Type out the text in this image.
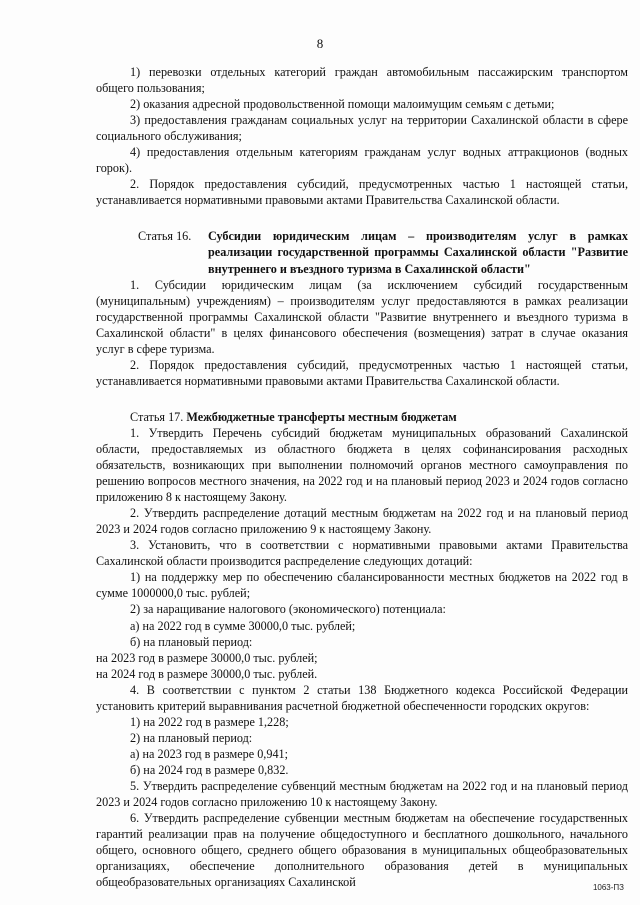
8

1) перевозки отдельных категорий граждан автомобильным пассажирским транспортом общего пользования;

2) оказания адресной продовольственной помощи малоимущим семьям с детьми;

3) предоставления гражданам социальных услуг на территории Сахалинской области в сфере социального обслуживания;

4) предоставления отдельным категориям гражданам услуг водных аттракционов (водных горок).

2. Порядок предоставления субсидий, предусмотренных частью 1 настоящей статьи, устанавливается нормативными правовыми актами Правительства Сахалинской области.

Статья 16. Субсидии юридическим лицам – производителям услуг в рамках реализации государственной программы Сахалинской области "Развитие внутреннего и въездного туризма в Сахалинской области"

1. Субсидии юридическим лицам (за исключением субсидий государственным (муниципальным) учреждениям) – производителям услуг предоставляются в рамках реализации государственной программы Сахалинской области "Развитие внутреннего и въездного туризма в Сахалинской области" в целях финансового обеспечения (возмещения) затрат в случае оказания услуг в сфере туризма.

2. Порядок предоставления субсидий, предусмотренных частью 1 настоящей статьи, устанавливается нормативными правовыми актами Правительства Сахалинской области.

Статья 17. Межбюджетные трансферты местным бюджетам

1. Утвердить Перечень субсидий бюджетам муниципальных образований Сахалинской области, предоставляемых из областного бюджета в целях софинансирования расходных обязательств, возникающих при выполнении полномочий органов местного самоуправления по решению вопросов местного значения, на 2022 год и на плановый период 2023 и 2024 годов согласно приложению 8 к настоящему Закону.

2. Утвердить распределение дотаций местным бюджетам на 2022 год и на плановый период 2023 и 2024 годов согласно приложению 9 к настоящему Закону.

3. Установить, что в соответствии с нормативными правовыми актами Правительства Сахалинской области производится распределение следующих дотаций:

1) на поддержку мер по обеспечению сбалансированности местных бюджетов на 2022 год в сумме 1000000,0 тыс. рублей;

2) за наращивание налогового (экономического) потенциала:

а) на 2022 год в сумме 30000,0 тыс. рублей;

б) на плановый период:

на 2023 год в размере 30000,0 тыс. рублей;

на 2024 год в размере 30000,0 тыс. рублей.

4. В соответствии с пунктом 2 статьи 138 Бюджетного кодекса Российской Федерации установить критерий выравнивания расчетной бюджетной обеспеченности городских округов:

1) на 2022 год в размере 1,228;

2) на плановый период:

а) на 2023 год в размере 0,941;

б) на 2024 год в размере 0,832.

5. Утвердить распределение субвенций местным бюджетам на 2022 год и на плановый период 2023 и 2024 годов согласно приложению 10 к настоящему Закону.

6. Утвердить распределение субвенции местным бюджетам на обеспечение государственных гарантий реализации прав на получение общедоступного и бесплатного дошкольного, начального общего, основного общего, среднего общего образования в муниципальных общеобразовательных организациях, обеспечение дополнительного образования детей в муниципальных общеобразовательных организациях Сахалинской	1063-ПЗ
